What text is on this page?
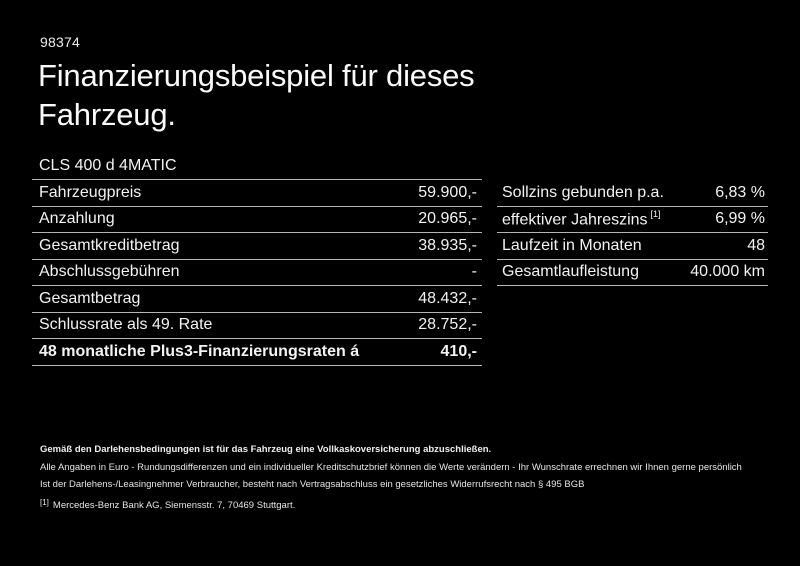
98374
Finanzierungsbeispiel für dieses
Fahrzeug.
CLS 400 d 4MATIC
Fahrzeugpreis	59.900,-
Anzahlung	20.965,-
Gesamtkreditbetrag	38.935,-
Abschlussgebühren	-
Gesamtbetrag	48.432,-
Schlussrate als 49. Rate	28.752,-
48 monatliche Plus3-Finanzierungsraten á	410,-
Sollzins gebunden p.a.	6,83 %
effektiver Jahreszins [1]	6,99 %
Laufzeit in Monaten	48
Gesamtlaufleistung	40.000 km
Gemäß den Darlehensbedingungen ist für das Fahrzeug eine Vollkaskoversicherung abzuschließen.
Alle Angaben in Euro - Rundungsdifferenzen und ein individueller Kreditschutzbrief können die Werte verändern - Ihr Wunschrate errechnen wir Ihnen gerne persönlich
Ist der Darlehens-/Leasingnehmer Verbraucher, besteht nach Vertragsabschluss ein gesetzliches Widerrufsrecht nach § 495 BGB
[1] Mercedes-Benz Bank AG, Siemensstr. 7, 70469 Stuttgart.
